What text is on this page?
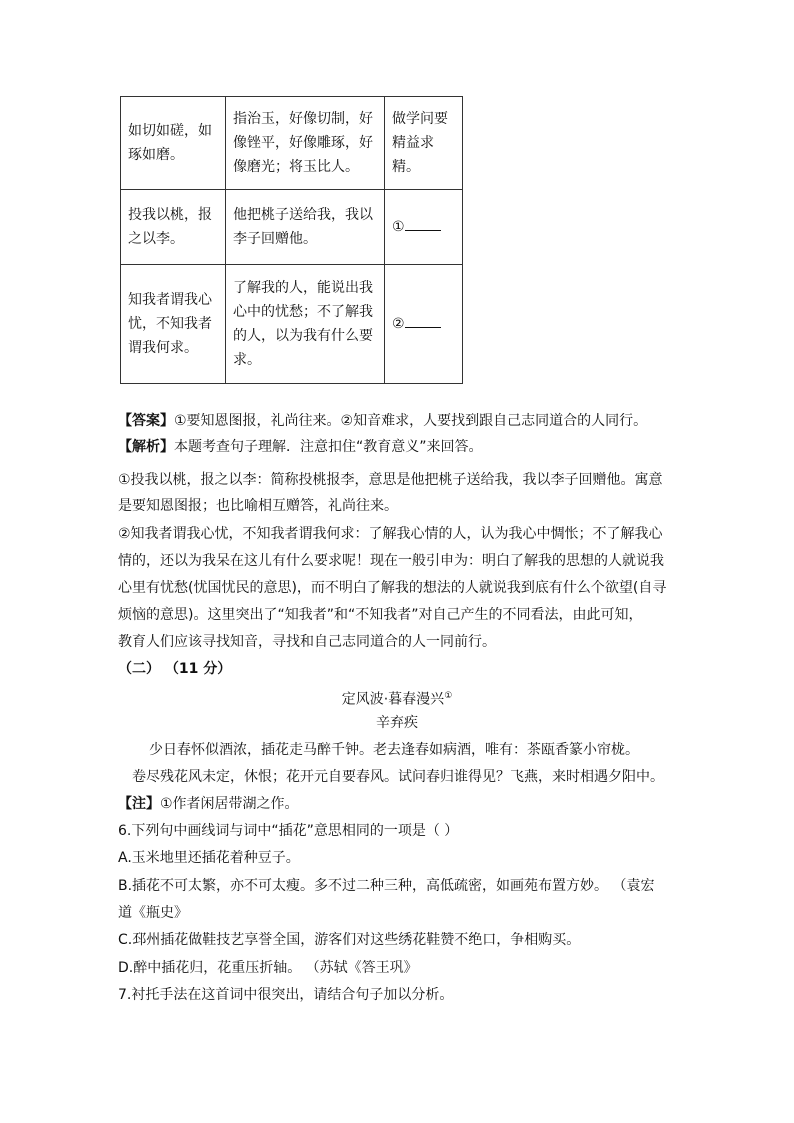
如切如磋，如琢如磨。	指治玉，好像切制，好像锉平，好像雕琢，好像磨光；将玉比人。	做学问要精益求精。
投我以桃，报之以李。	他把桃子送给我，我以李子回赠他。	①
知我者谓我心忧，不知我者谓我何求。	了解我的人，能说出我心中的忧愁；不了解我的人，以为我有什么要求。	②
【答案】①要知恩图报，礼尚往来。②知音难求，人要找到跟自己志同道合的人同行。
【解析】本题考查句子理解．注意扣住“教育意义”来回答。
①投我以桃，报之以李：简称投桃报李，意思是他把桃子送给我，我以李子回赠他。寓意
是要知恩图报；也比喻相互赠答，礼尚往来。
②知我者谓我心忧，不知我者谓我何求：了解我心情的人，认为我心中惆怅；不了解我心
情的，还以为我呆在这儿有什么要求呢！现在一般引申为：明白了解我的思想的人就说我
心里有忧愁(忧国忧民的意思)，而不明白了解我的想法的人就说我到底有什么个欲望(自寻
烦恼的意思)。这里突出了“知我者”和“不知我者”对自己产生的不同看法，由此可知，
教育人们应该寻找知音，寻找和自己志同道合的人一同前行。
（二） （11 分）
定风波·暮春漫兴①
辛弃疾
少日春怀似酒浓，插花走马醉千钟。老去逢春如病酒，唯有：茶瓯香篆小帘栊。
卷尽残花风未定，休恨；花开元自要春风。试问春归谁得见？飞燕，来时相遇夕阳中。
【注】①作者闲居带湖之作。
6.下列句中画线词与词中“插花”意思相同的一项是（ ）
A.玉米地里还插花着种豆子。
B.插花不可太繁，亦不可太瘦。多不过二种三种，高低疏密，如画苑布置方妙。 （袁宏
道《瓶史》
C.邳州插花做鞋技艺享誉全国，游客们对这些绣花鞋赞不绝口，争相购买。
D.醉中插花归，花重压折轴。 （苏轼《答王巩》
7.衬托手法在这首词中很突出，请结合句子加以分析。
